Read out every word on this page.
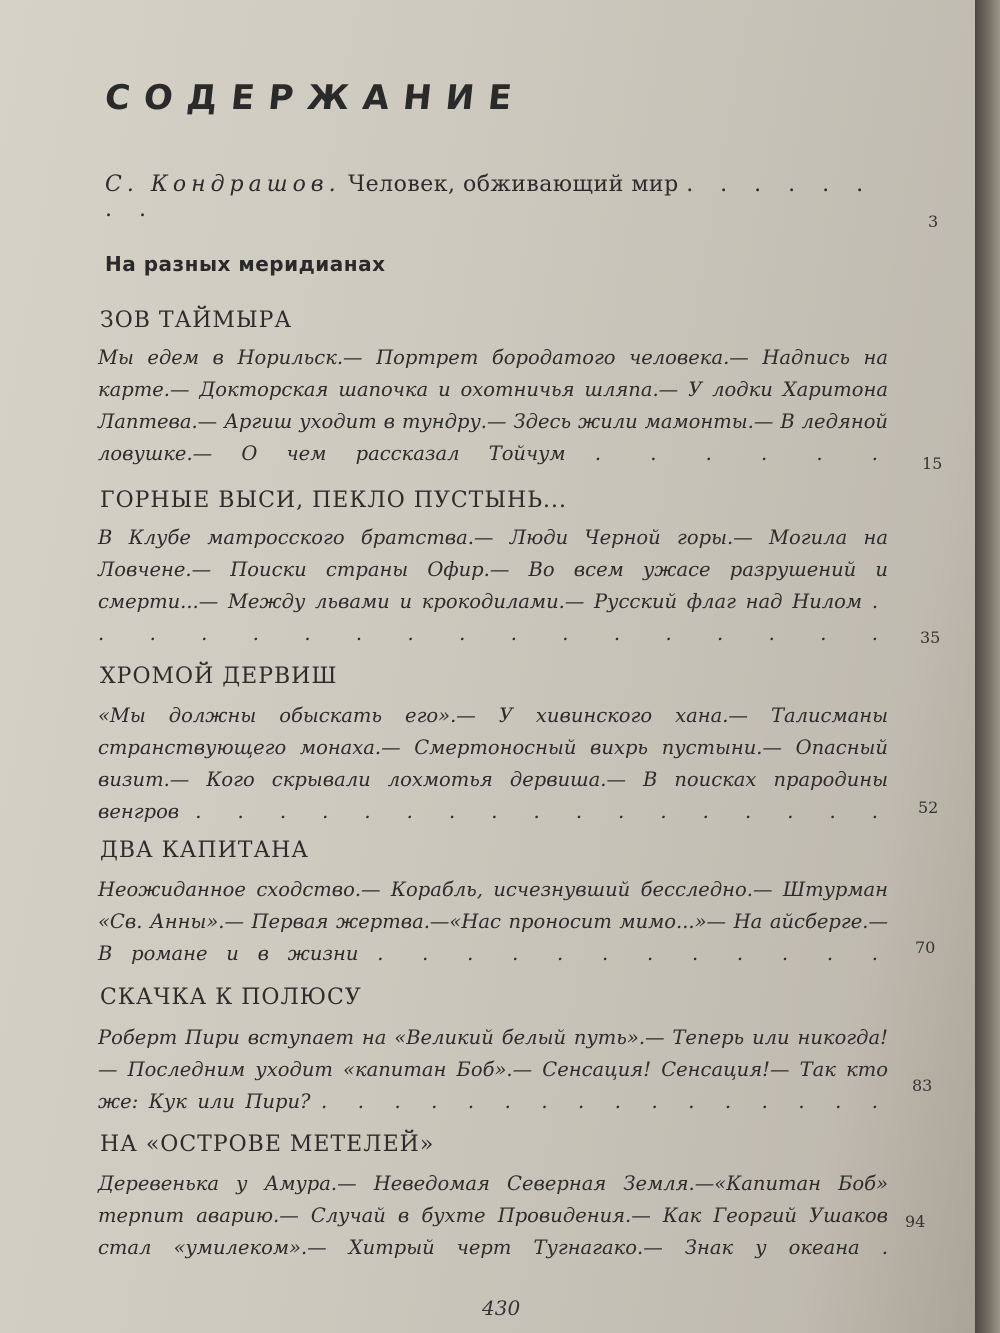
СОДЕРЖАНИЕ
С. Кондрашов. Человек, обживающий мир . . . . . . . .	3
На разных меридианах
ЗОВ ТАЙМЫРА
Мы едем в Норильск.— Портрет бородатого человека.— Надпись на карте.— Докторская шапочка и охотничья шляпа.— У лодки Харитона Лаптева.— Аргиш уходит в тундру.— Здесь жили мамонты.— В ледяной ловушке.— О чем рассказал Тойчум . . . . . . 15
ГОРНЫЕ ВЫСИ, ПЕКЛО ПУСТЫНЬ...
В Клубе матросского братства.— Люди Черной горы.— Могила на Ловчене.— Поиски страны Офир.— Во всем ужасе разрушений и смерти...— Между львами и крокодилами.— Русский флаг над Нилом . . . . . . . . . . . . . . . . . 35
ХРОМОЙ ДЕРВИШ
«Мы должны обыскать его».— У хивинского хана.— Талисманы странствующего монаха.— Смертоносный вихрь пустыни.— Опасный визит.— Кого скрывали лохмотья дервиша.— В поисках прародины венгров . . . . . . . . . . . . . . . . . 52
ДВА КАПИТАНА
Неожиданное сходство.— Корабль, исчезнувший бесследно.— Штурман «Св. Анны».— Первая жертва.—«Нас проносит мимо...»— На айсберге.— В романе и в жизни . . . . . . . . . . . . 70
СКАЧКА К ПОЛЮСУ
Роберт Пири вступает на «Великий белый путь».— Теперь или никогда!— Последним уходит «капитан Боб».— Сенсация! Сенсация!— Так кто же: Кук или Пири? . . . . . . . . . . . . . . . .
83
НА «ОСТРОВЕ МЕТЕЛЕЙ»
Деревенька у Амура.— Неведомая Северная Земля.—«Капитан Боб» терпит аварию.— Случай в бухте Провидения.— Как Георгий Ушаков стал «умилеком».— Хитрый черт Тугнагако.— Знак у океана .
94
430
